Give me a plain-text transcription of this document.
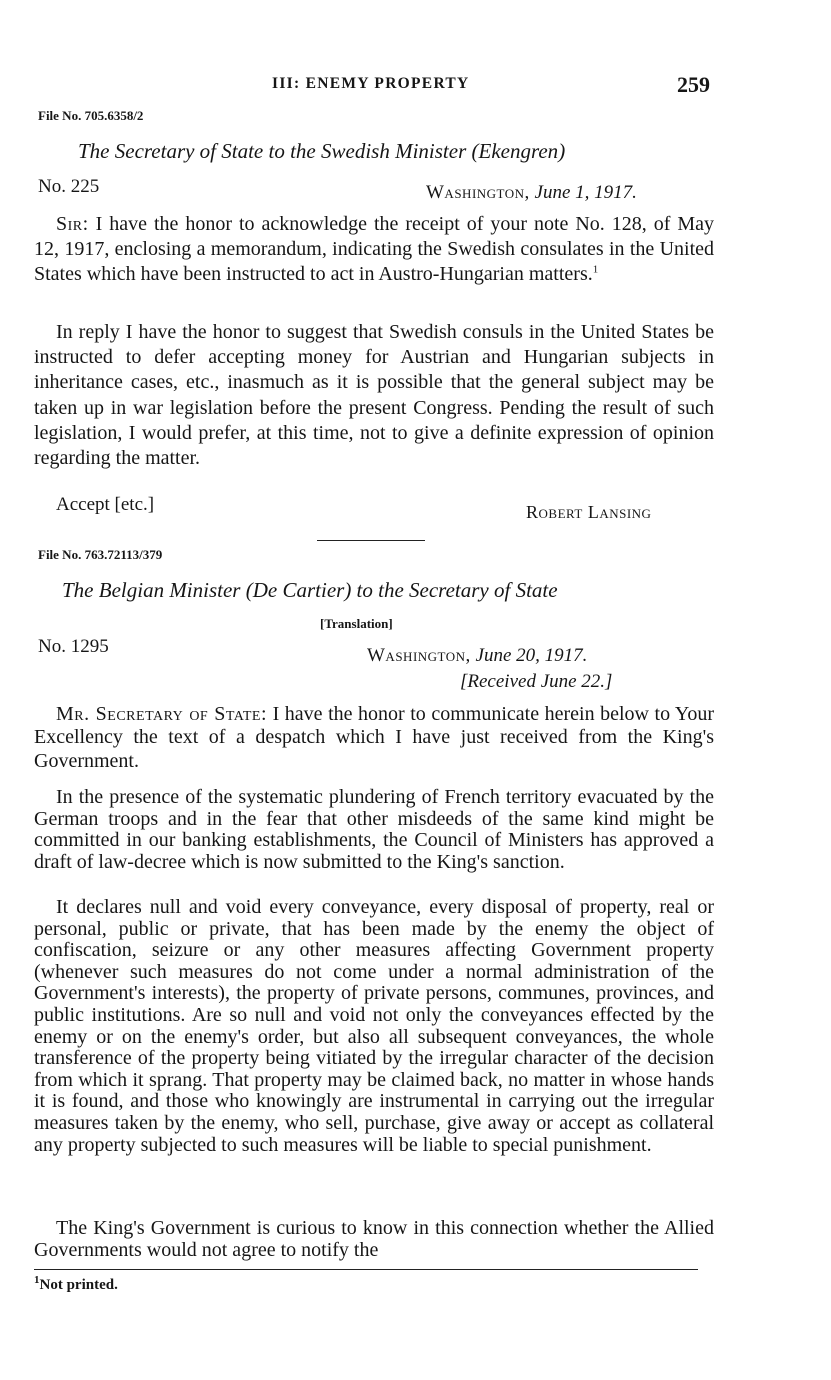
III: ENEMY PROPERTY	259
File No. 705.6358/2
The Secretary of State to the Swedish Minister (Ekengren)
No. 225	Washington, June 1, 1917.

Sir: I have the honor to acknowledge the receipt of your note No. 128, of May 12, 1917, enclosing a memorandum, indicating the Swedish consulates in the United States which have been instructed to act in Austro-Hungarian matters.$^1$

In reply I have the honor to suggest that Swedish consuls in the United States be instructed to defer accepting money for Austrian and Hungarian subjects in inheritance cases, etc., inasmuch as it is possible that the general subject may be taken up in war legislation before the present Congress. Pending the result of such legislation, I would prefer, at this time, not to give a definite expression of opinion regarding the matter.

Accept [etc.]	Robert Lansing
File No. 763.72113/379
The Belgian Minister (De Cartier) to the Secretary of State
[Translation]
No. 1295	Washington, June 20, 1917.
[Received June 22.]

Mr. Secretary of State: I have the honor to communicate herein below to Your Excellency the text of a despatch which I have just received from the King's Government.

In the presence of the systematic plundering of French territory evacuated by the German troops and in the fear that other misdeeds of the same kind might be committed in our banking establishments, the Council of Ministers has approved a draft of law-decree which is now submitted to the King's sanction.

It declares null and void every conveyance, every disposal of property, real or personal, public or private, that has been made by the enemy the object of confiscation, seizure or any other measures affecting Government property (whenever such measures do not come under a normal administration of the Government's interests), the property of private persons, communes, provinces, and public institutions. Are so null and void not only the conveyances effected by the enemy or on the enemy's order, but also all subsequent conveyances, the whole transference of the property being vitiated by the irregular character of the decision from which it sprang. That property may be claimed back, no matter in whose hands it is found, and those who knowingly are instrumental in carrying out the irregular measures taken by the enemy, who sell, purchase, give away or accept as collateral any property subjected to such measures will be liable to special punishment.

The King's Government is curious to know in this connection whether the Allied Governments would not agree to notify the

$^1$Not printed.
